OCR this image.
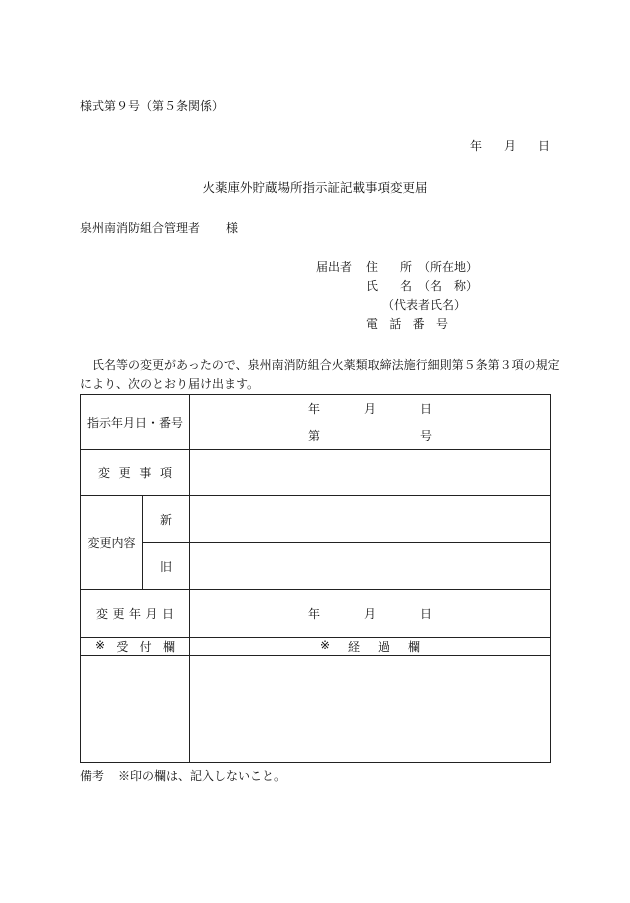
様式第９号（第５条関係）
年 月 日
火薬庫外貯蔵場所指示証記載事項変更届
泉州南消防組合管理者 様
届出者	住 所 （所在地）
氏 名 （名　称）
（代表者氏名）
電 話 番 号
氏名等の変更があったので、泉州南消防組合火薬類取締法施行細則第５条第３項の規定
により、次のとおり届け出ます。
指示年月日・番号		年 月 日
第 号

変 更 事 項		

変更内容	新	
	旧	

変 更 年 月 日		年 月 日

※ 受 付 欄		※ 経 過 欄

備考 ※印の欄は、記入しないこと。
